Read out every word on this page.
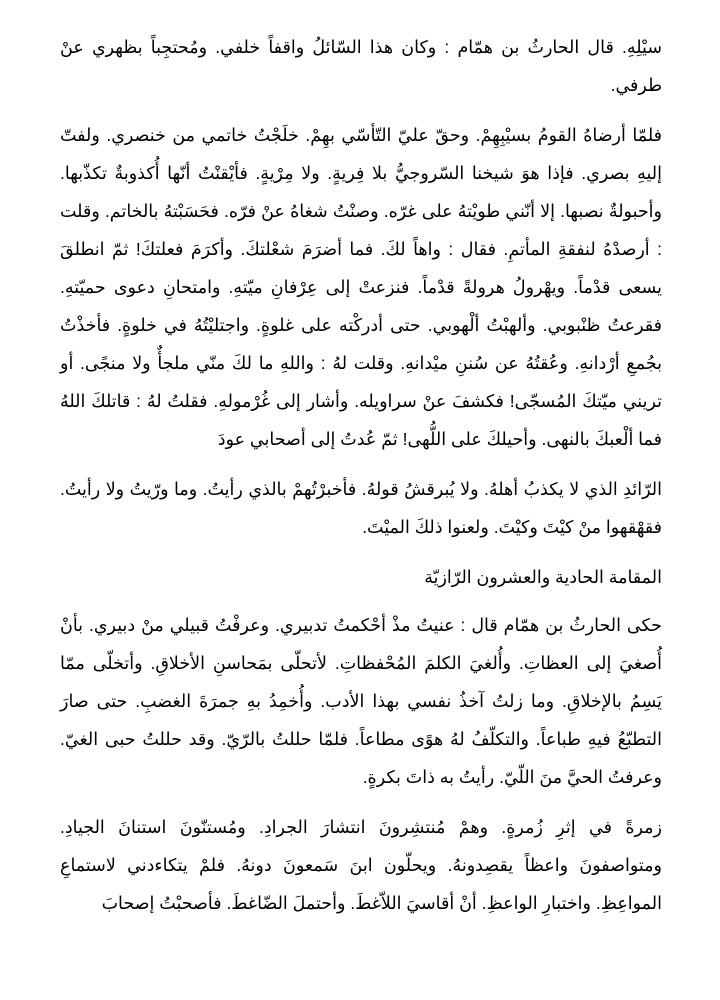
سيْلِهِ. قال الحارثُ بن همّام : وكان هذا السّائلُ واقفاً خلفي. ومُحتجِباً بظهري عنْ طرفي.

فلمّا أرضاهُ القومُ بسيْبِهِمْ. وحقّ عليّ التّأسّي بهِمْ. خلَجْتُ خاتمي من خنصري. ولفتّ إليهِ بصري. فإذا هوَ شيخنا السّروجيُّ بلا فِريةٍ. ولا مِرْيةٍ. فأيْقنْتُ أنّها أُكذوبةٌ تكذّبها. وأحبولةٌ نصبها. إلا أنّني طويْتهُ على غرّه. وصنْتُ شغاهُ عنْ فرّه. فحَسَبْتهُ بالخاتم. وقلت : أرصدْهُ لنفقةِ المأتمِ. فقال : واهاً لكَ. فما أضرَمَ شعْلتكَ. وأكرَمَ فعلتكَ! ثمّ انطلقَ يسعى قدْماً. ويهْرولُ هرولةً قدْماً. فنزعتْ إلى عِرْفانِ ميّتهِ. وامتحانِ دعوى حميّتهِ. فقرعتُ ظنْبوبي. وألهبْتُ ألْهوبي. حتى أدركْته على غلوةٍ. واجتليْتُهُ في خلوةٍ. فأخذْتُ بجُمعِ أرْدانهِ. وعُقتُهُ عن سُننِ ميْدانهِ. وقلت لهُ : واللهِ ما لكَ منّي ملجأٌ ولا منجًى. أو تريني ميّتكَ المُسجّى! فكشفَ عنْ سراويله. وأشار إلى غُرْمولهِ. فقلتُ لهُ : قاتلكَ اللهُ فما ألْعبكَ بالنهى. وأحيلكَ على اللُّهى! ثمّ عُدتُ إلى أصحابي عودَ

الرّائدِ الذي لا يكذبُ أهلهُ. ولا يُبرقشُ قولهُ. فأخبرْتُهمْ بالذي رأيتُ. وما ورّيتُ ولا رأيتُ. فقهْقهوا منْ كيْتَ وكيْتَ. ولعنوا ذلكَ الميْتَ.

المقامة الحادية والعشرون الرّازيّة

حكى الحارثُ بن همّام قال : عنيتُ مذْ أحْكمتُ تدبيري. وعرفْتُ قبيلي منْ دبيري. بأنْ أُصغيَ إلى العظاتِ. وأُلغيَ الكلمَ المُحْفظاتِ. لأتحلّى بمَحاسنِ الأخلاقِ. وأتخلّى ممّا يَسِمُ بالإخلاقِ. وما زلتُ آخذُ نفسي بهذا الأدب. وأُخمِدُ بهِ جمرَةَ الغضبِ. حتى صارَ التطبّعُ فيهِ طباعاً. والتكلّفُ لهُ هوًى مطاعاً. فلمّا حللتُ بالرّيّ. وقد حللتُ حبى الغيّ. وعرفتُ الحيَّ منَ اللّيّ. رأيتُ به ذاتَ بكرةٍ.

زمرةً في إثرِ زُمرةٍ. وهمْ مُنتشِرونَ انتشارَ الجرادِ. ومُستنّونَ استنانَ الجيادِ. ومتواصفونَ واعظاً يقصِدونهُ. ويحلّون ابنَ سَمعونَ دونهُ. فلمْ يتكاءدني لاستماعِ المواعِظِ. واختبارِ الواعظِ. أنْ أقاسيَ اللاّغطَ. وأحتملَ الضّاغطَ. فأصحبْتُ إصحابَ
